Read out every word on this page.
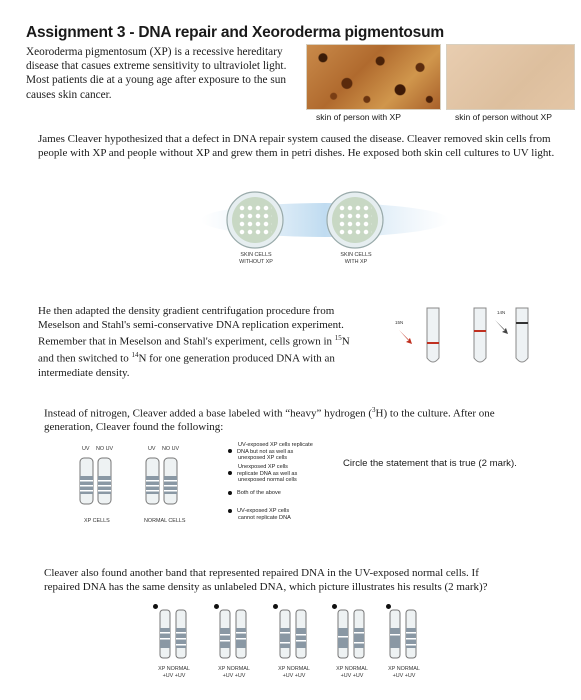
Assignment 3 - DNA repair and Xeoroderma pigmentosum
Xeoroderma pigmentosum (XP) is a recessive hereditary disease that casues extreme sensitivity to ultraviolet light. Most patients die at a young age after exposure to the sun causes skin cancer.
skin of person with XP	skin of person without XP
James Cleaver hypothesized that a defect in DNA repair system caused the disease. Cleaver removed skin cells from people with XP and people without XP and grew them in petri dishes. He exposed both skin cell cultures to UV light.
SKIN CELLS
WITHOUT XP
SKIN CELLS
WITH XP
He then adapted the density gradient centrifugation procedure from
Meselson and Stahl's semi-conservative DNA replication experiment.
Remember that in Meselson and Stahl's experiment, cells grown in $^{15}$N
and then switched to $^{14}$N for one generation produced DNA with an
intermediate density.
15N
14N
Instead of nitrogen, Cleaver added a base labeled with “heavy” hydrogen ($^3$H) to the culture. After one
generation, Cleaver found the following:
UV NO UV	UV NO UV
XP CELLS	NORMAL CELLS
UV-exposed XP cells replicate
DNA but not as well as
unexposed XP cells
Unexposed XP cells
replicate DNA as well as
unexposed normal cells
Both of the above
UV-exposed XP cells
cannot replicate DNA
Circle the statement that is true (2 mark).
Cleaver also found another band that represented repaired DNA in the UV-exposed normal cells. If
repaired DNA has the same density as unlabeled DNA, which picture illustrates his results (2 mark)?
XP NORMAL
+UV +UV
XP NORMAL
+UV +UV
XP NORMAL
+UV +UV
XP NORMAL
+UV +UV
XP NORMAL
+UV +UV
